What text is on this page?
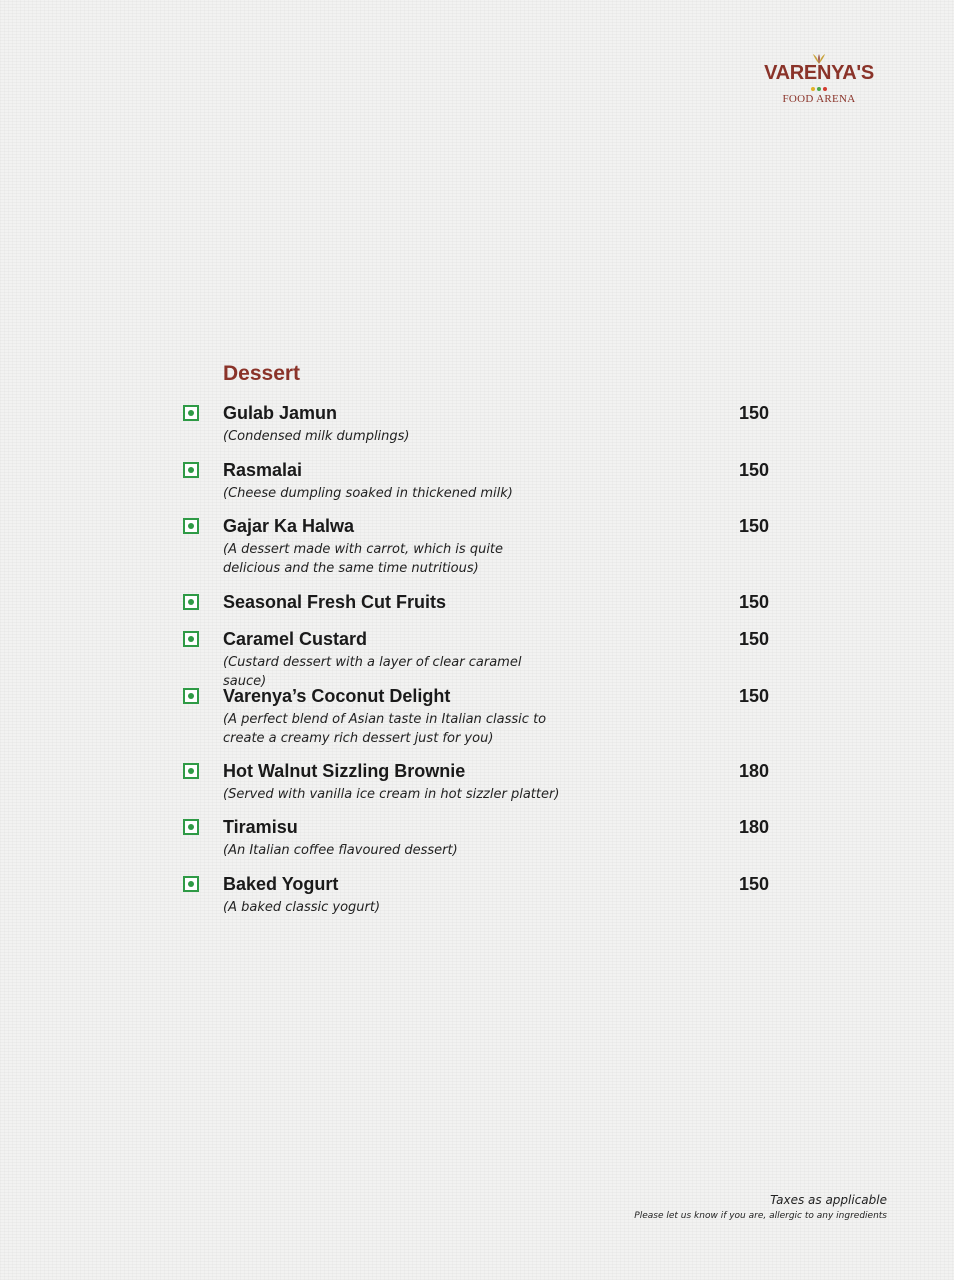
VARENYA'S
FOOD ARENA
Dessert
Gulab Jamun	150
(Condensed milk dumplings)
Rasmalai	150
(Cheese dumpling soaked in thickened milk)
Gajar Ka Halwa	150
(A dessert made with carrot, which is quite delicious and the same time nutritious)
Seasonal Fresh Cut Fruits	150
Caramel Custard	150
(Custard dessert with a layer of clear caramel sauce)
Varenya’s Coconut Delight	150
(A perfect blend of Asian taste in Italian classic to create a creamy rich dessert just for you)
Hot Walnut Sizzling Brownie	180
(Served with vanilla ice cream in hot sizzler platter)
Tiramisu	180
(An Italian coffee flavoured dessert)
Baked Yogurt	150
(A baked classic yogurt)
Taxes as applicable
Please let us know if you are, allergic to any ingredients
